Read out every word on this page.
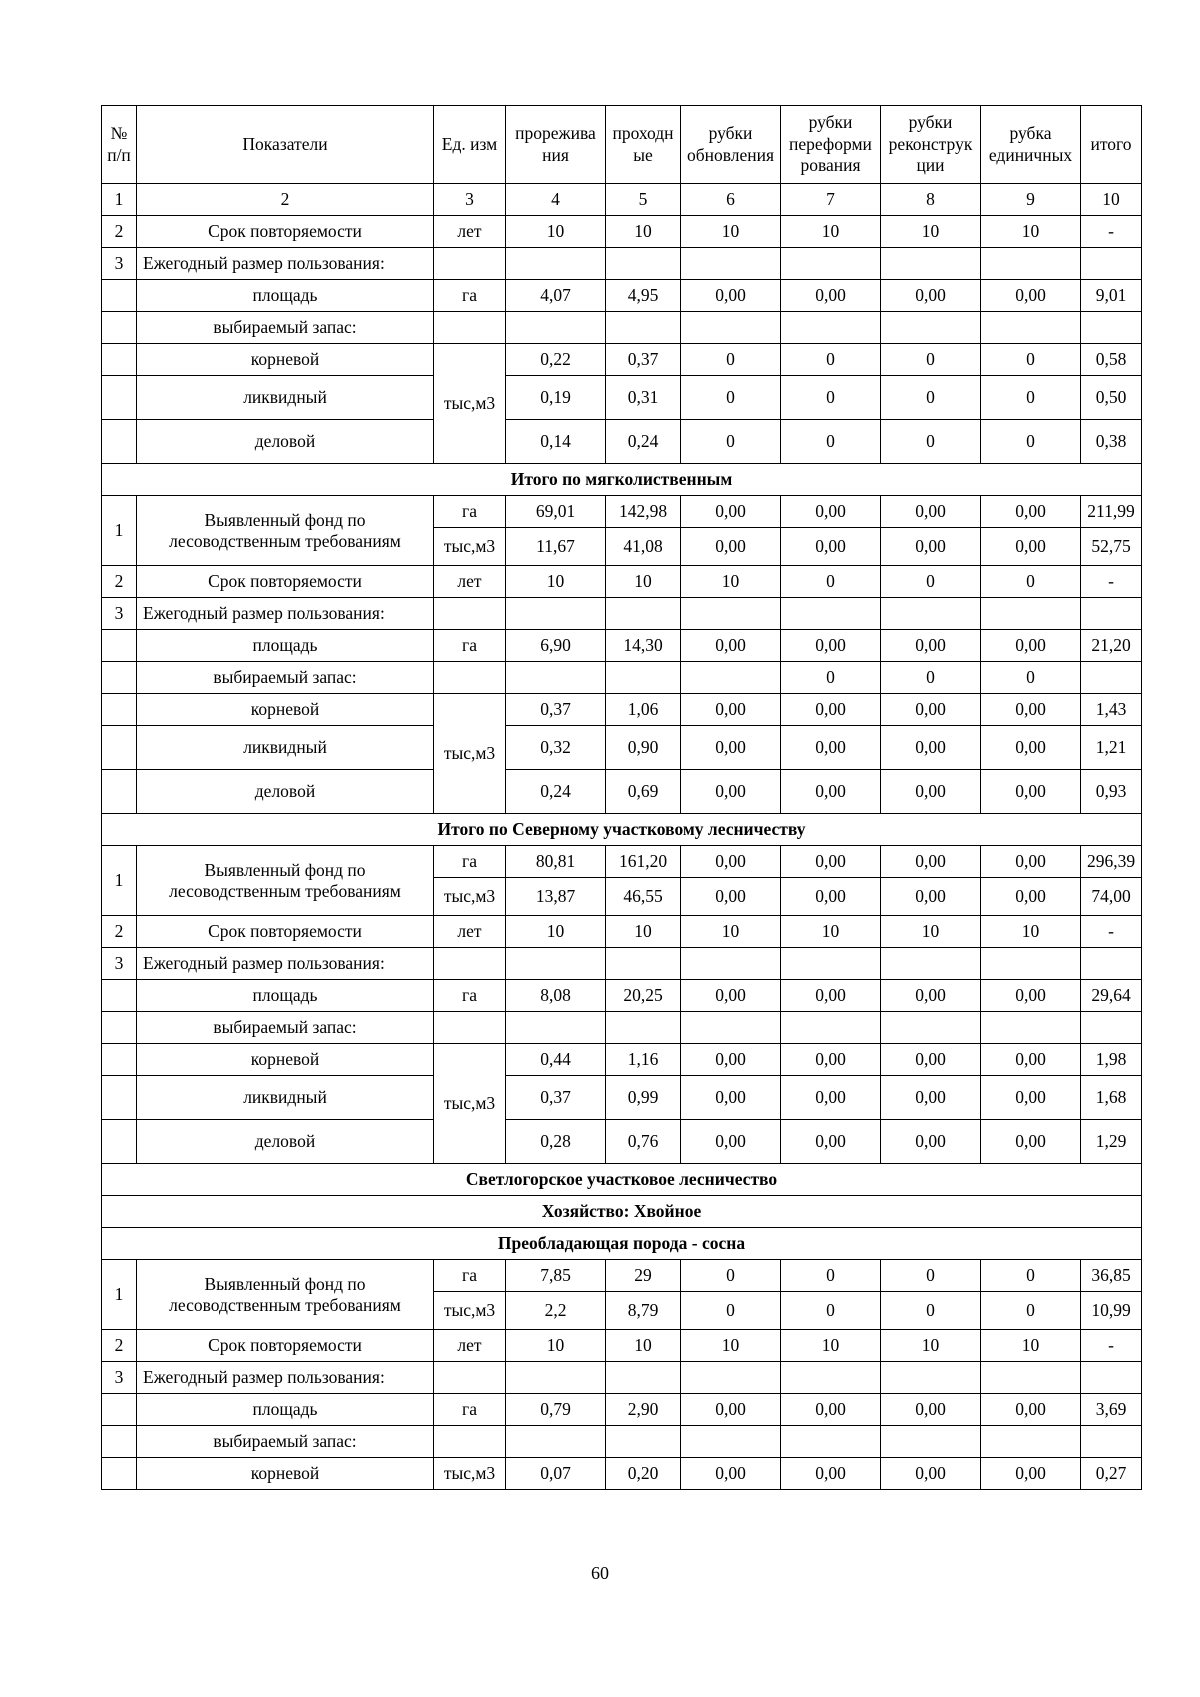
№ п/п	Показатели	Ед. изм	прорежива ния	проходн ые	рубки обновления	рубки переформи рования	рубки реконструк ции	рубка единичных	итого
1	2	3	4	5	6	7	8	9	10
2	Срок повторяемости	лет	10	10	10	10	10	10	-
3	Ежегодный размер пользования:								
	площадь	га	4,07	4,95	0,00	0,00	0,00	0,00	9,01
	выбираемый запас:								
	корневой	тыс,м3	0,22	0,37	0	0	0	0	0,58
	ликвидный		0,19	0,31	0	0	0	0	0,50
	деловой		0,14	0,24	0	0	0	0	0,38
Итого по мягколиственным									
1	Выявленный фонд по лесоводственным требованиям	га	69,01	142,98	0,00	0,00	0,00	0,00	211,99
		тыс,м3	11,67	41,08	0,00	0,00	0,00	0,00	52,75
2	Срок повторяемости	лет	10	10	10	0	0	0	-
3	Ежегодный размер пользования:								
	площадь	га	6,90	14,30	0,00	0,00	0,00	0,00	21,20
	выбираемый запас:					0	0	0	
	корневой	тыс,м3	0,37	1,06	0,00	0,00	0,00	0,00	1,43
	ликвидный		0,32	0,90	0,00	0,00	0,00	0,00	1,21
	деловой		0,24	0,69	0,00	0,00	0,00	0,00	0,93
Итого по Северному участковому лесничеству									
1	Выявленный фонд по лесоводственным требованиям	га	80,81	161,20	0,00	0,00	0,00	0,00	296,39
		тыс,м3	13,87	46,55	0,00	0,00	0,00	0,00	74,00
2	Срок повторяемости	лет	10	10	10	10	10	10	-
3	Ежегодный размер пользования:								
	площадь	га	8,08	20,25	0,00	0,00	0,00	0,00	29,64
	выбираемый запас:								
	корневой	тыс,м3	0,44	1,16	0,00	0,00	0,00	0,00	1,98
	ликвидный		0,37	0,99	0,00	0,00	0,00	0,00	1,68
	деловой		0,28	0,76	0,00	0,00	0,00	0,00	1,29
Светлогорское участковое лесничество									
Хозяйство: Хвойное									
Преобладающая порода - сосна									
1	Выявленный фонд по лесоводственным требованиям	га	7,85	29	0	0	0	0	36,85
		тыс,м3	2,2	8,79	0	0	0	0	10,99
2	Срок повторяемости	лет	10	10	10	10	10	10	-
3	Ежегодный размер пользования:								
	площадь	га	0,79	2,90	0,00	0,00	0,00	0,00	3,69
	выбираемый запас:								
	корневой	тыс,м3	0,07	0,20	0,00	0,00	0,00	0,00	0,27
60
